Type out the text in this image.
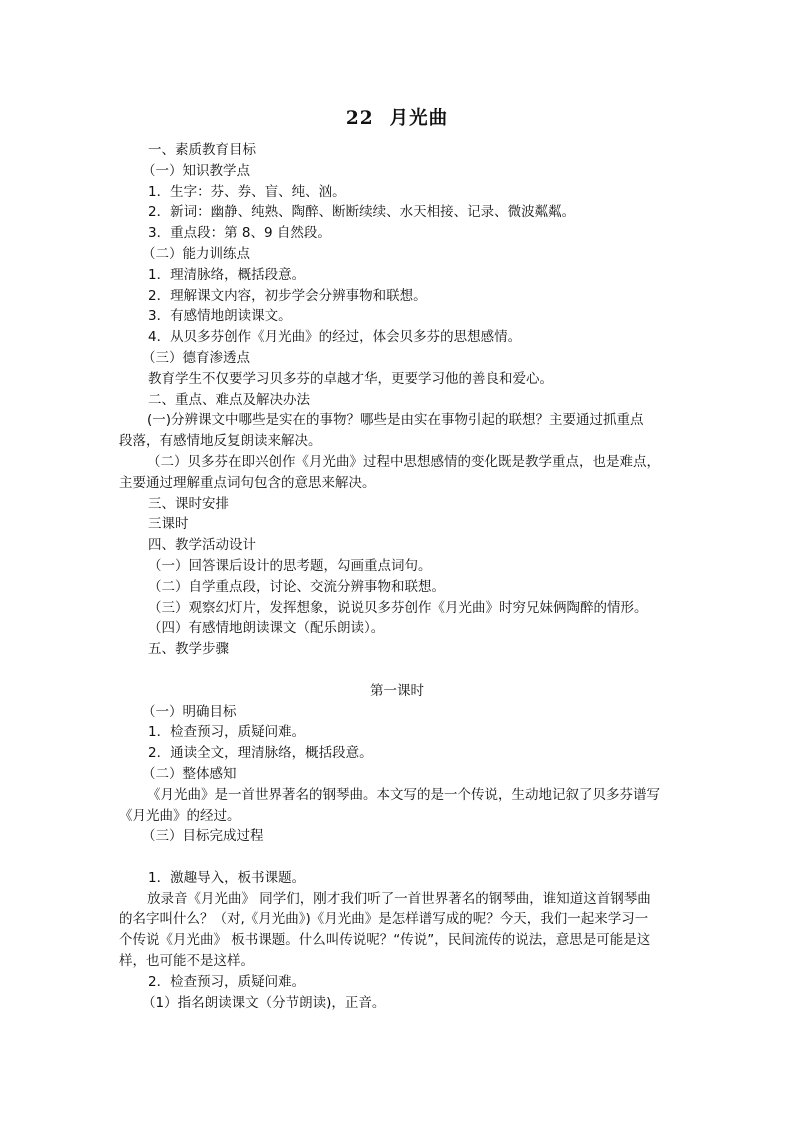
22 月光曲
一、素质教育目标
（一）知识教学点
1．生字：芬、券、盲、纯、汹。
2．新词：幽静、纯熟、陶醉、断断续续、水天相接、记录、微波粼粼。
3．重点段：第 8、9 自然段。
（二）能力训练点
1．理清脉络，概括段意。
2．理解课文内容，初步学会分辨事物和联想。
3．有感情地朗读课文。
4．从贝多芬创作《月光曲》的经过，体会贝多芬的思想感情。
（三）德育渗透点
教育学生不仅要学习贝多芬的卓越才华，更要学习他的善良和爱心。
二、重点、难点及解决办法
(一)分辨课文中哪些是实在的事物？哪些是由实在事物引起的联想？主要通过抓重点
段落，有感情地反复朗读来解决。
（二）贝多芬在即兴创作《月光曲》过程中思想感情的变化既是教学重点，也是难点，
主要通过理解重点词句包含的意思来解决。
三、课时安排
三课时
四、教学活动设计
（一）回答课后设计的思考题，勾画重点词句。
（二）自学重点段，讨论、交流分辨事物和联想。
（三）观察幻灯片，发挥想象，说说贝多芬创作《月光曲》时穷兄妹俩陶醉的情形。
（四）有感情地朗读课文（配乐朗读）。
五、教学步骤
第一课时
（一）明确目标
1．检查预习，质疑问难。
2．通读全文，理清脉络，概括段意。
（二）整体感知
《月光曲》是一首世界著名的钢琴曲。本文写的是一个传说，生动地记叙了贝多芬谱写
《月光曲》的经过。
（三）目标完成过程
1．激趣导入，板书课题。
放录音《月光曲》 同学们，刚才我们听了一首世界著名的钢琴曲，谁知道这首钢琴曲
的名字叫什么？（对,《月光曲》)《月光曲》是怎样谱写成的呢？今天，我们一起来学习一
个传说《月光曲》 板书课题。什么叫传说呢？“传说”，民间流传的说法，意思是可能是这
样，也可能不是这样。
2．检查预习，质疑问难。
（1）指名朗读课文（分节朗读)，正音。
